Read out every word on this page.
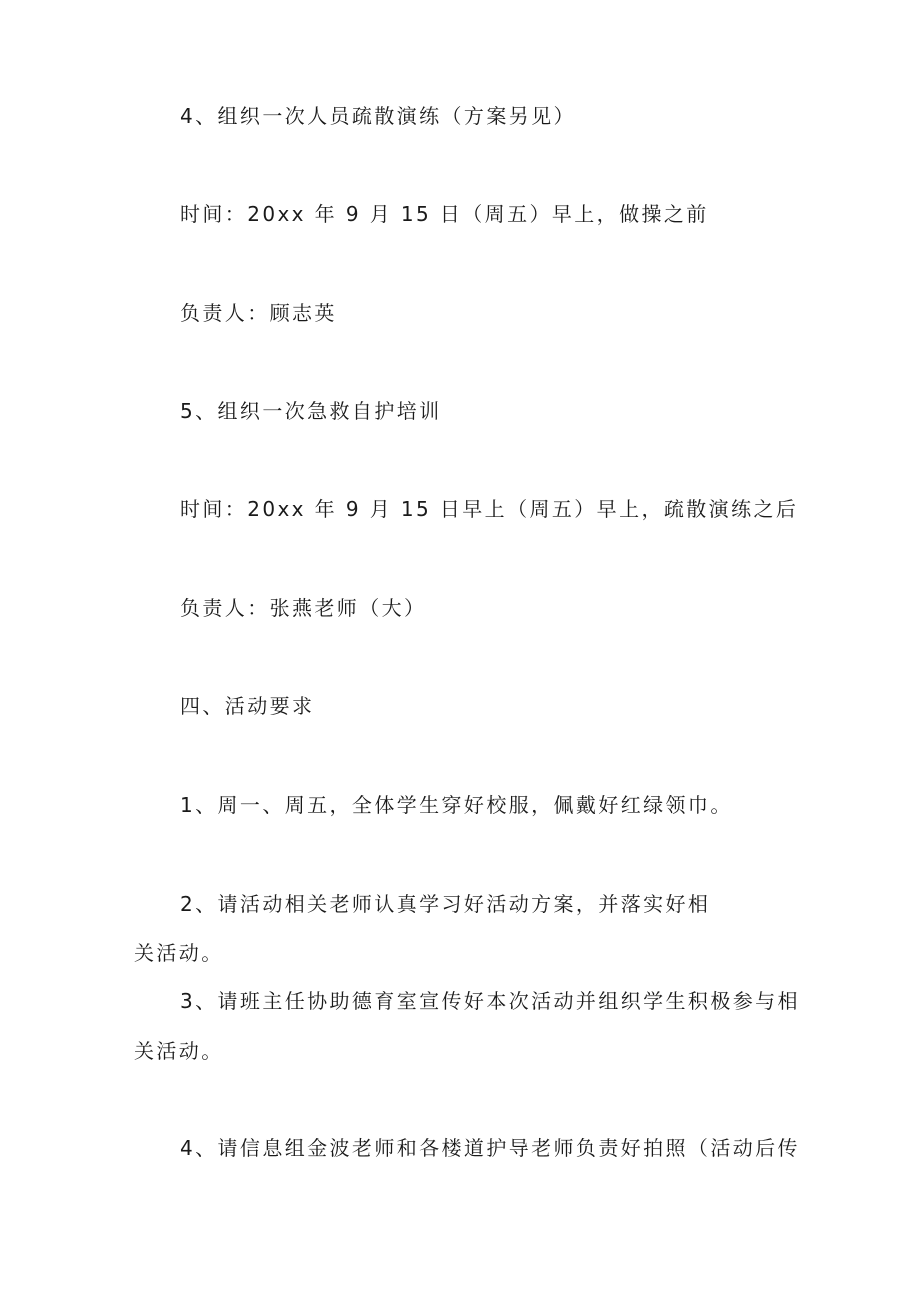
4、组织一次人员疏散演练（方案另见）
时间：20xx 年 9 月 15 日（周五）早上，做操之前
负责人：顾志英
5、组织一次急救自护培训
时间：20xx 年 9 月 15 日早上（周五）早上，疏散演练之后
负责人：张燕老师（大）
四、活动要求
1、周一、周五，全体学生穿好校服，佩戴好红绿领巾。
2、请活动相关老师认真学习好活动方案，并落实好相
关活动。
3、请班主任协助德育室宣传好本次活动并组织学生积极参与相
关活动。
4、请信息组金波老师和各楼道护导老师负责好拍照（活动后传
